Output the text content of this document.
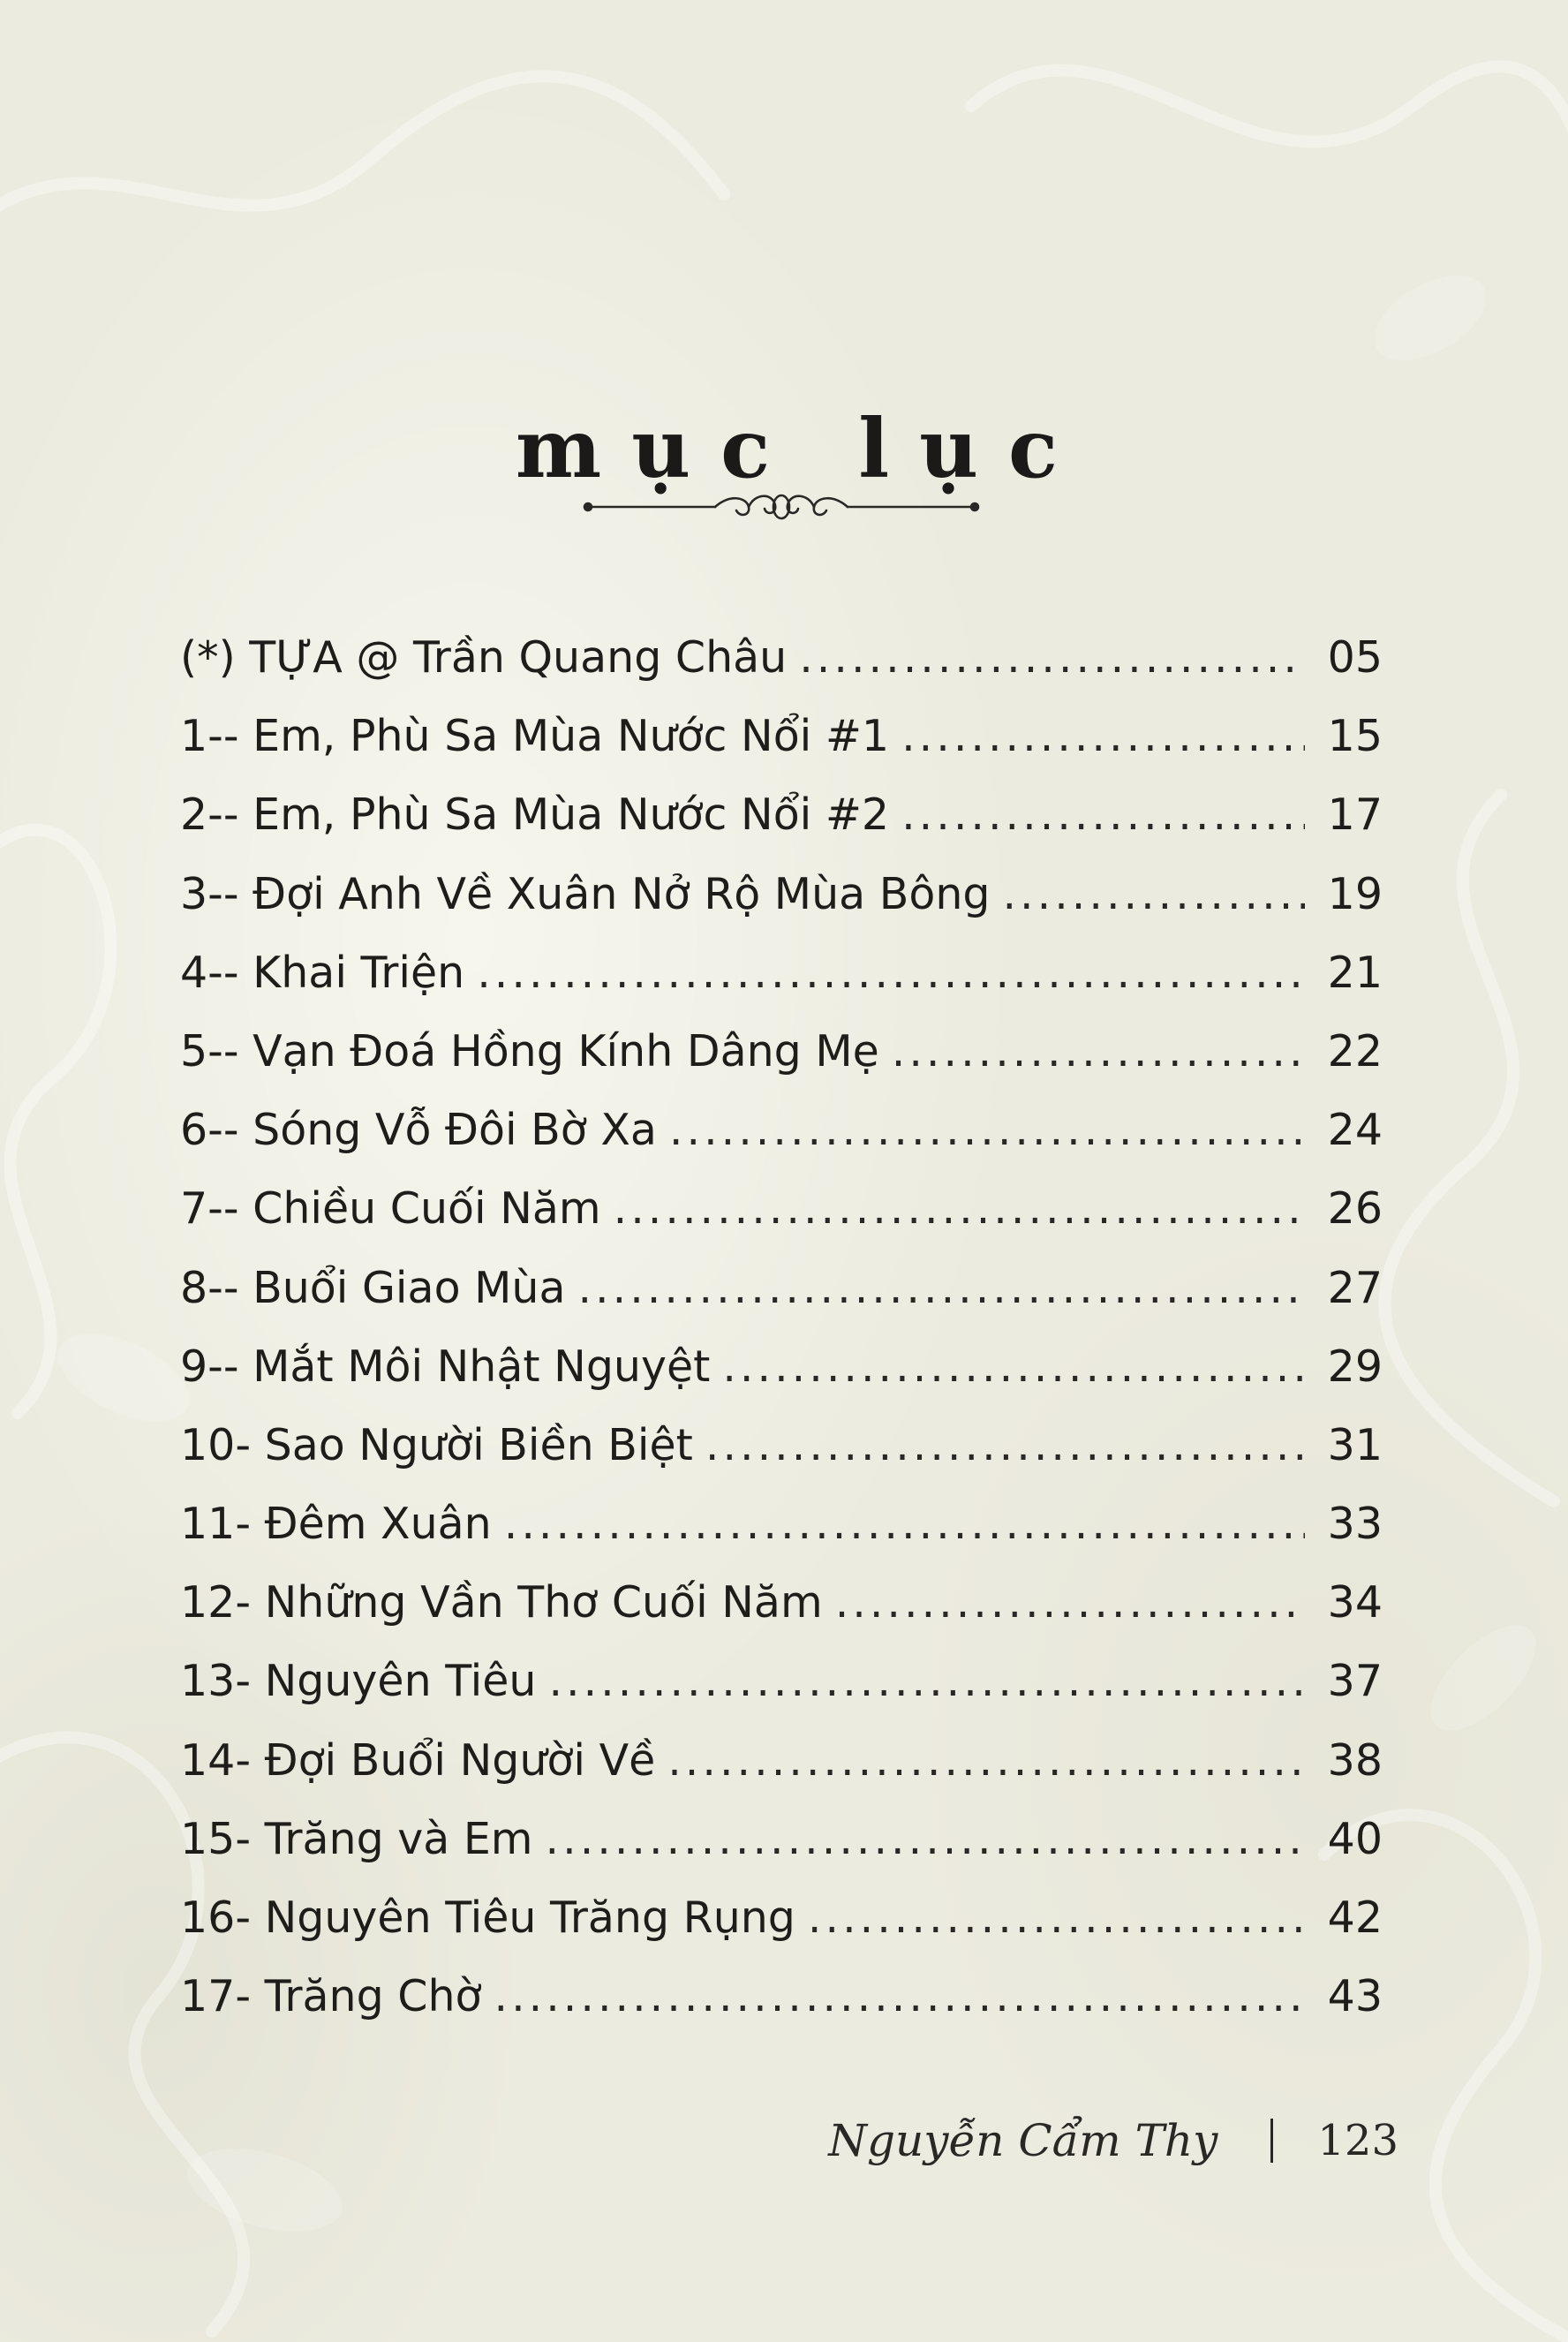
mục lục
(*) TỰA @ Trần Quang Châu .....	05
1-- Em, Phù Sa Mùa Nước Nổi #1 .....	15
2-- Em, Phù Sa Mùa Nước Nổi #2 .....	17
3-- Đợi Anh Về Xuân Nở Rộ Mùa Bông .....	19
4-- Khai Triện .....	21
5-- Vạn Đoá Hồng Kính Dâng Mẹ .....	22
6-- Sóng Vỗ Đôi Bờ Xa .....	24
7-- Chiều Cuối Năm .....	26
8-- Buổi Giao Mùa .....	27
9-- Mắt Môi Nhật Nguyệt .....	29
10- Sao Người Biền Biệt .....	31
11- Đêm Xuân .....	33
12- Những Vần Thơ Cuối Năm .....	34
13- Nguyên Tiêu .....	37
14- Đợi Buổi Người Về .....	38
15- Trăng và Em .....	40
16- Nguyên Tiêu Trăng Rụng .....	42
17- Trăng Chờ .....	43
Nguyễn Cẩm Thy 123
